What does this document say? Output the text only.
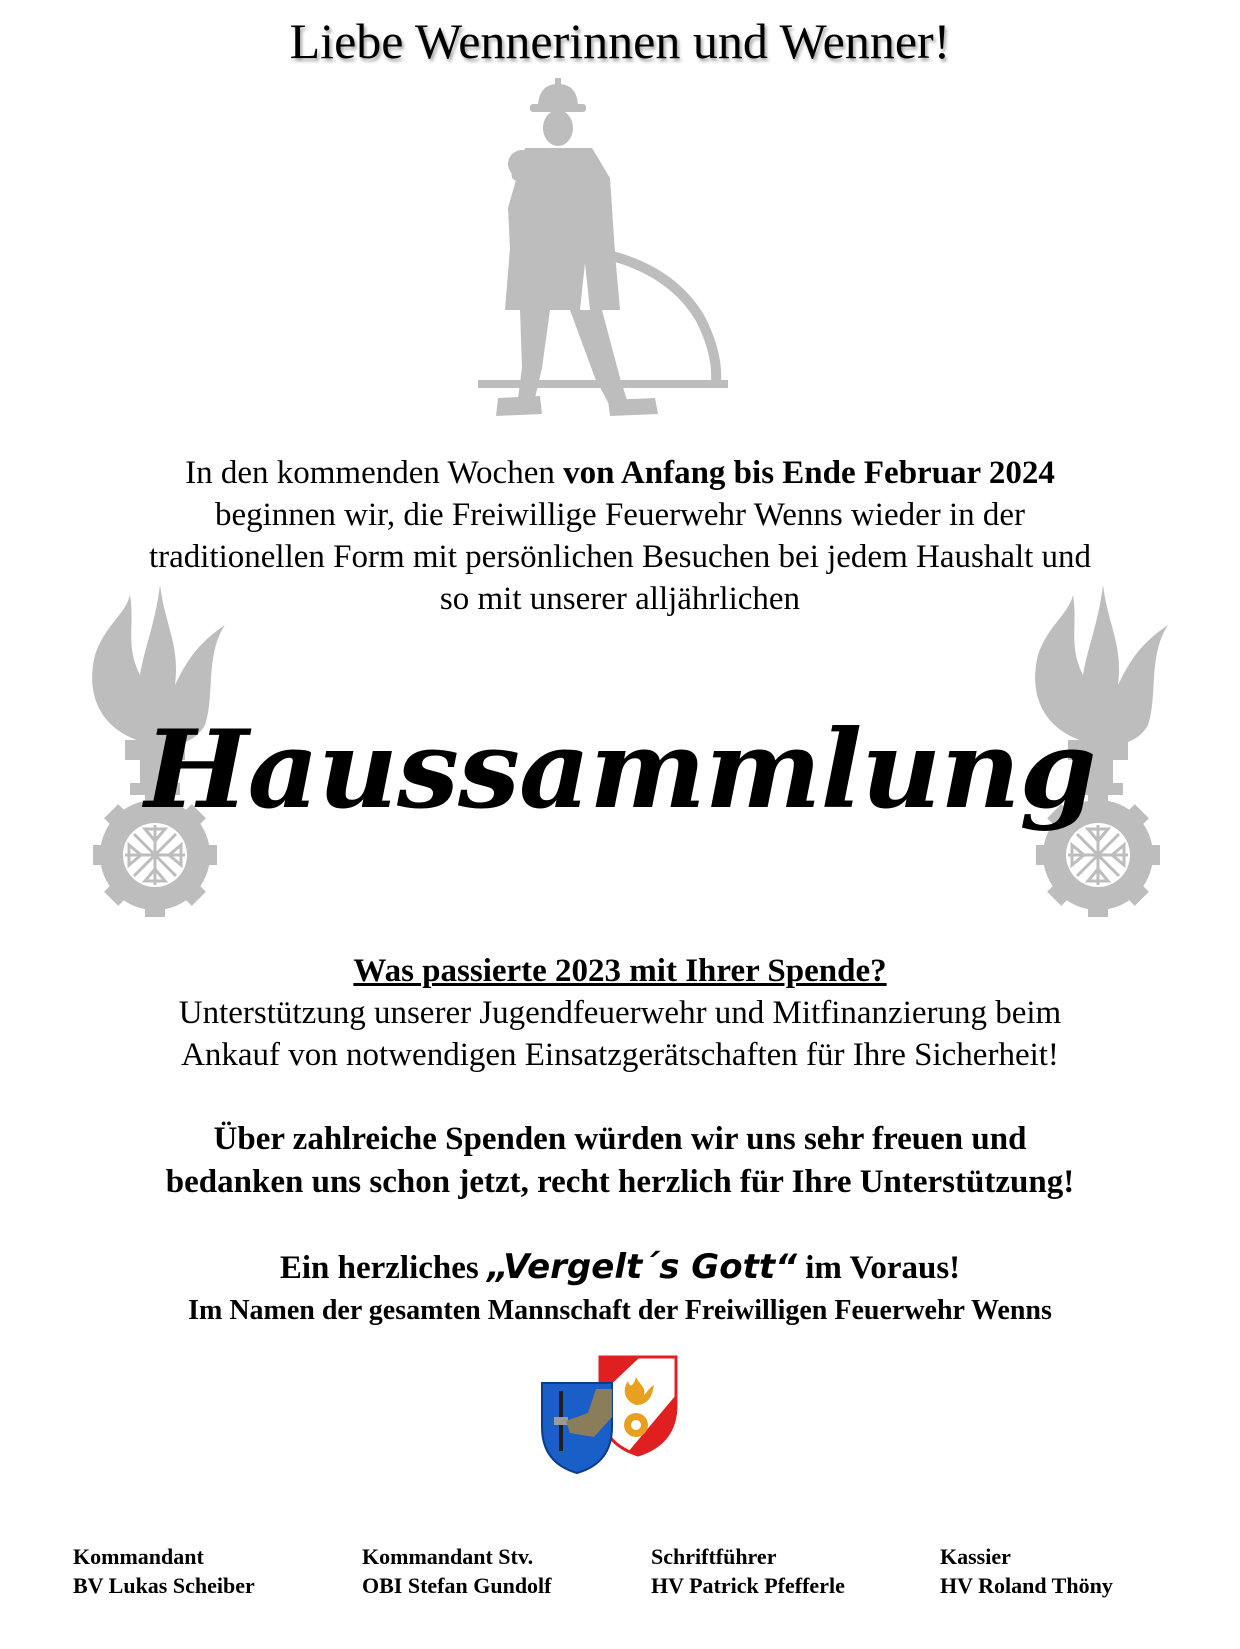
Liebe Wennerinnen und Wenner!
In den kommenden Wochen von Anfang bis Ende Februar 2024
beginnen wir, die Freiwillige Feuerwehr Wenns wieder in der
traditionellen Form mit persönlichen Besuchen bei jedem Haushalt und
so mit unserer alljährlichen
Haussammlung
Was passierte 2023 mit Ihrer Spende?
Unterstützung unserer Jugendfeuerwehr und Mitfinanzierung beim
Ankauf von notwendigen Einsatzgerätschaften für Ihre Sicherheit!
Über zahlreiche Spenden würden wir uns sehr freuen und
bedanken uns schon jetzt, recht herzlich für Ihre Unterstützung!
Ein herzliches „Vergelt´s Gott“ im Voraus!
Im Namen der gesamten Mannschaft der Freiwilligen Feuerwehr Wenns
Kommandant
BV Lukas Scheiber
Kommandant Stv.
OBI Stefan Gundolf
Schriftführer
HV Patrick Pfefferle
Kassier
HV Roland Thöny
